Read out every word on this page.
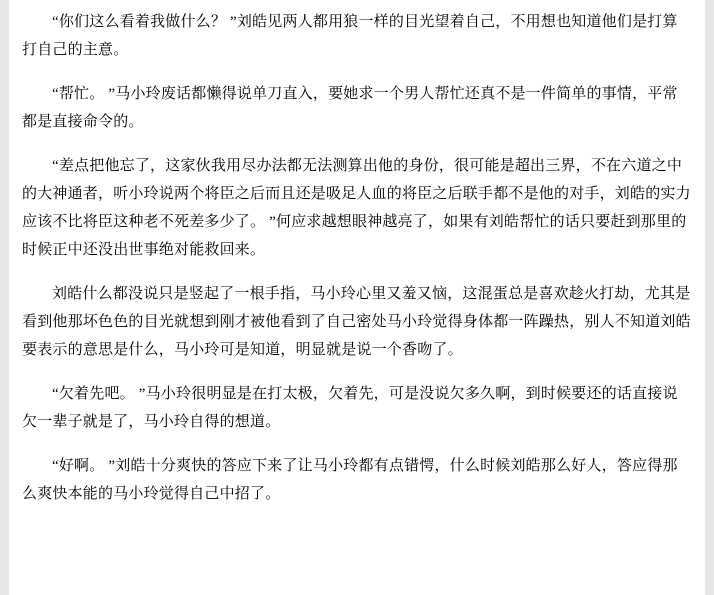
“你们这么看着我做什么？ ”刘皓见两人都用狼一样的目光望着自己，不用想也知道他们是打算打自己的主意。

“帮忙。 ”马小玲废话都懒得说单刀直入，要她求一个男人帮忙还真不是一件简单的事情，平常都是直接命令的。

“差点把他忘了，这家伙我用尽办法都无法测算出他的身份，很可能是超出三界，不在六道之中的大神通者，听小玲说两个将臣之后而且还是吸足人血的将臣之后联手都不是他的对手，刘皓的实力应该不比将臣这种老不死差多少了。 ”何应求越想眼神越亮了，如果有刘皓帮忙的话只要赶到那里的时候正中还没出世事绝对能救回来。

刘皓什么都没说只是竖起了一根手指，马小玲心里又羞又恼，这混蛋总是喜欢趁火打劫，尤其是看到他那坏色色的目光就想到刚才被他看到了自己密处马小玲觉得身体都一阵躁热，别人不知道刘皓要表示的意思是什么，马小玲可是知道，明显就是说一个香吻了。

“欠着先吧。 ”马小玲很明显是在打太极，欠着先，可是没说欠多久啊，到时候要还的话直接说欠一辈子就是了，马小玲自得的想道。

“好啊。 ”刘皓十分爽快的答应下来了让马小玲都有点错愕，什么时候刘皓那么好人，答应得那么爽快本能的马小玲觉得自己中招了。
